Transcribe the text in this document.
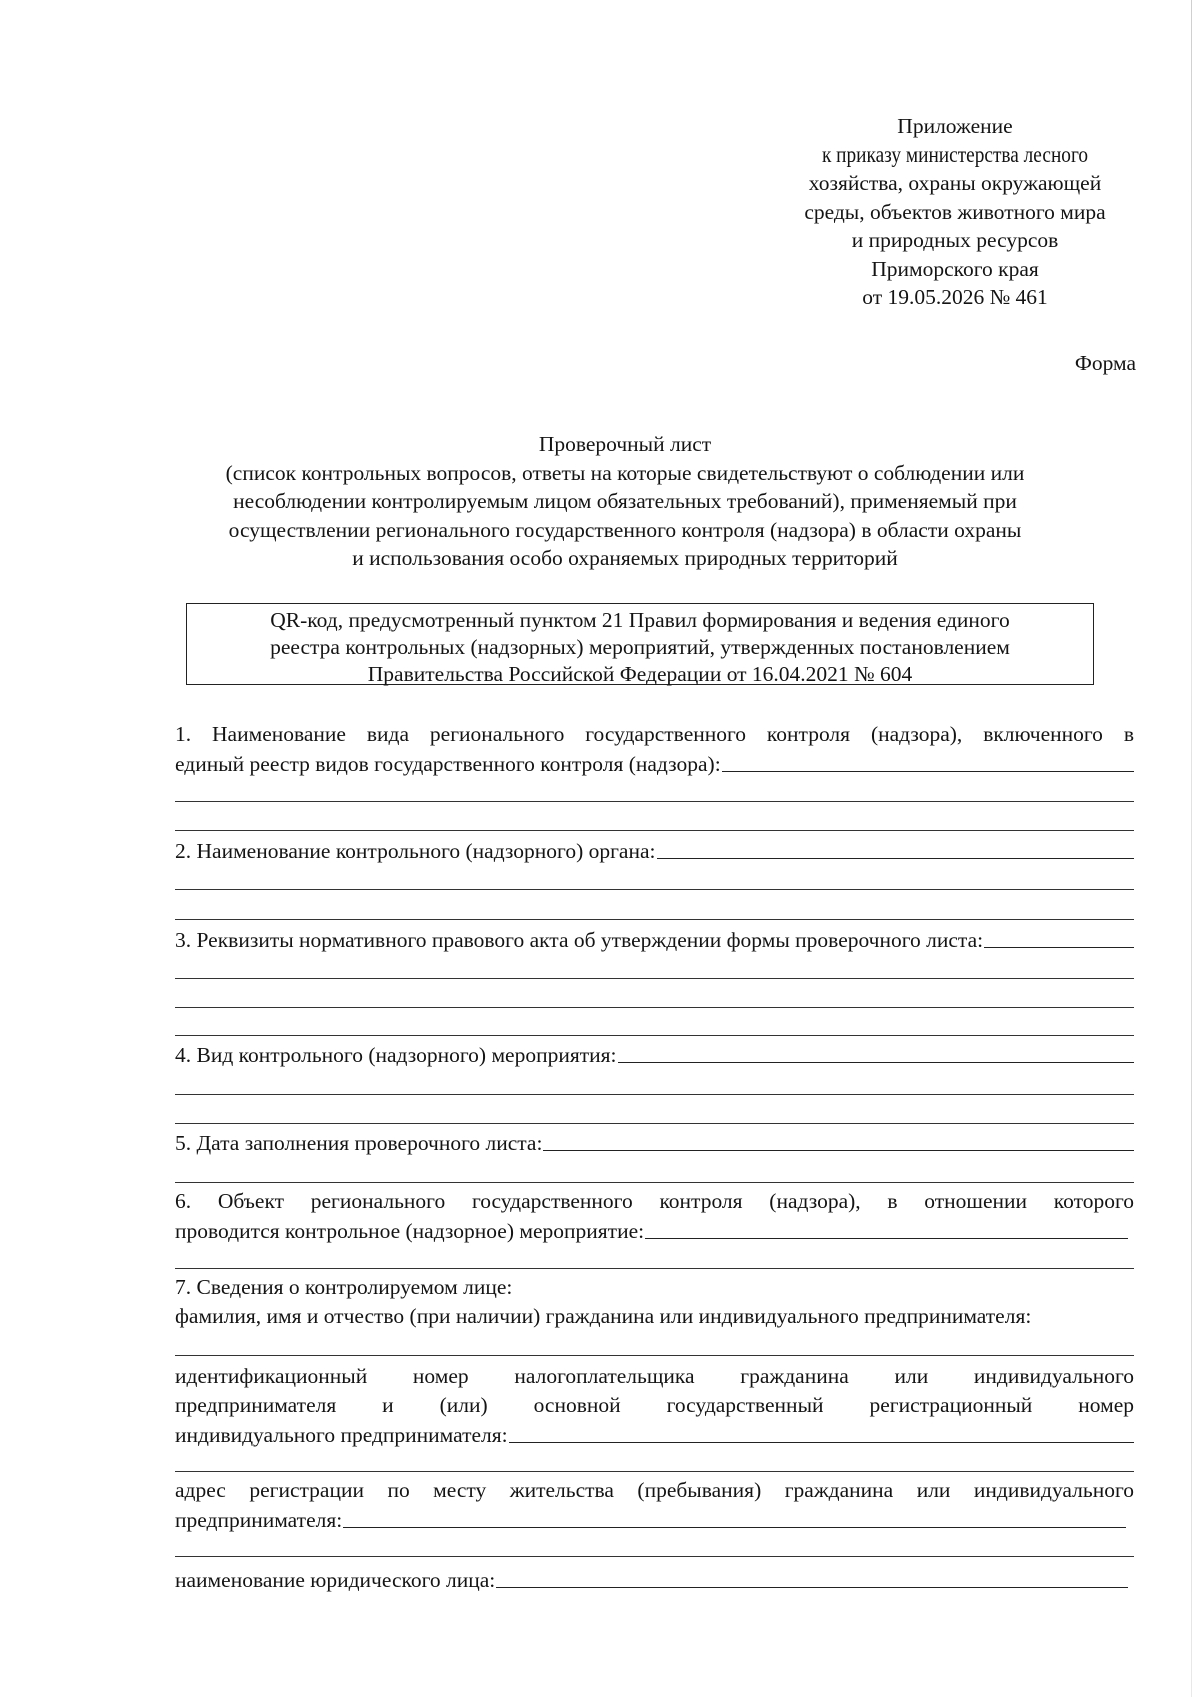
Приложение
к приказу министерства лесного
хозяйства, охраны окружающей
среды, объектов животного мира
и природных ресурсов
Приморского края
от 19.05.2026 № 461
Форма
Проверочный лист
(список контрольных вопросов, ответы на которые свидетельствуют о соблюдении или
несоблюдении контролируемым лицом обязательных требований), применяемый при
осуществлении регионального государственного контроля (надзора) в области охраны
и использования особо охраняемых природных территорий
QR-код, предусмотренный пунктом 21 Правил формирования и ведения единого
реестра контрольных (надзорных) мероприятий, утвержденных постановлением
Правительства Российской Федерации от 16.04.2021 № 604
1. Наименование вида регионального государственного контроля (надзора), включенного в
единый реестр видов государственного контроля (надзора):
2. Наименование контрольного (надзорного) органа:
3. Реквизиты нормативного правового акта об утверждении формы проверочного листа:
4. Вид контрольного (надзорного) мероприятия:
5. Дата заполнения проверочного листа:
6. Объект регионального государственного контроля (надзора), в отношении которого
проводится контрольное (надзорное) мероприятие:
7. Сведения о контролируемом лице:
фамилия, имя и отчество (при наличии) гражданина или индивидуального предпринимателя:
идентификационный номер налогоплательщика гражданина или индивидуального
предпринимателя и (или) основной государственный регистрационный номер
индивидуального предпринимателя:
адрес регистрации по месту жительства (пребывания) гражданина или индивидуального
предпринимателя:
наименование юридического лица:
